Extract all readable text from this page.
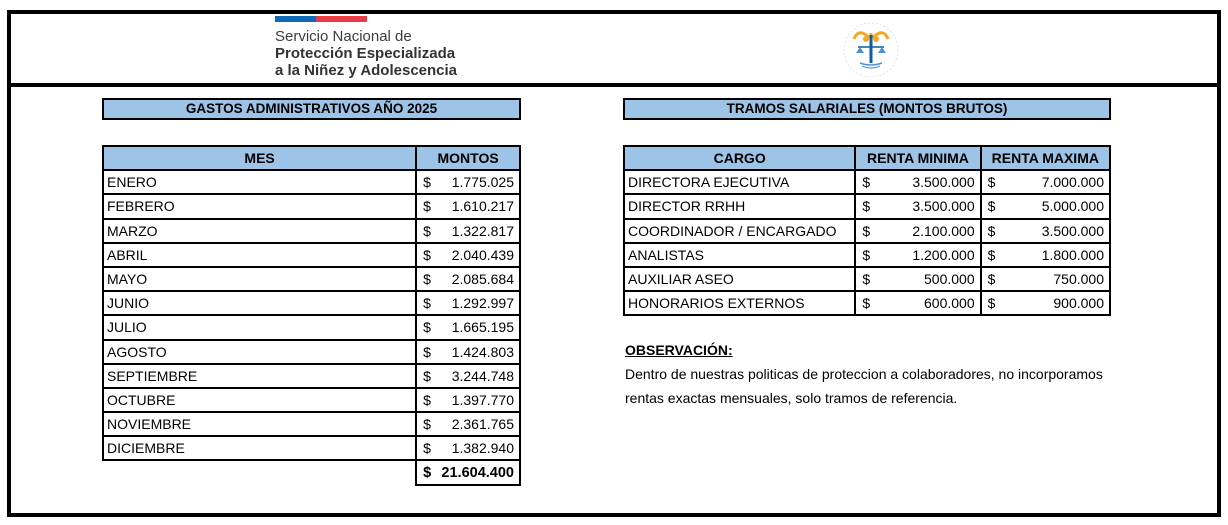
Servicio Nacional de
Protección Especializada
a la Niñez y Adolescencia
GASTOS ADMINISTRATIVOS AÑO 2025
MES	MONTOS
ENERO	$ 1.775.025
FEBRERO	$ 1.610.217
MARZO	$ 1.322.817
ABRIL	$ 2.040.439
MAYO	$ 2.085.684
JUNIO	$ 1.292.997
JULIO	$ 1.665.195
AGOSTO	$ 1.424.803
SEPTIEMBRE	$ 3.244.748
OCTUBRE	$ 1.397.770
NOVIEMBRE	$ 2.361.765
DICIEMBRE	$ 1.382.940

	$ 21.604.400
TRAMOS SALARIALES (MONTOS BRUTOS)
CARGO	RENTA MINIMA	RENTA MAXIMA
DIRECTORA EJECUTIVA	$ 3.500.000	$ 7.000.000
DIRECTOR RRHH	$ 3.500.000	$ 5.000.000
COORDINADOR / ENCARGADO	$ 2.100.000	$ 3.500.000
ANALISTAS	$ 1.200.000	$ 1.800.000
AUXILIAR ASEO	$ 500.000	$ 750.000
HONORARIOS EXTERNOS	$ 600.000	$ 900.000
OBSERVACIÓN:
Dentro de nuestras politicas de proteccion a colaboradores, no incorporamos
rentas exactas mensuales, solo tramos de referencia.
